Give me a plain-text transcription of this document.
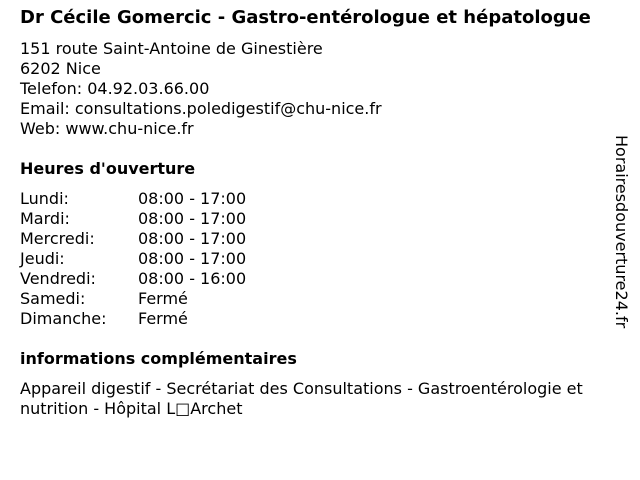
Dr Cécile Gomercic - Gastro-entérologue et hépatologue
151 route Saint-Antoine de Ginestière
6202 Nice
Telefon: 04.92.03.66.00
Email: consultations.poledigestif@chu-nice.fr
Web: www.chu-nice.fr
Heures d'ouverture
Lundi:	08:00 - 17:00
Mardi:	08:00 - 17:00
Mercredi:	08:00 - 17:00
Jeudi:	08:00 - 17:00
Vendredi:	08:00 - 16:00
Samedi:	Fermé
Dimanche:	Fermé
informations complémentaires
Appareil digestif - Secrétariat des Consultations - Gastroentérologie et nutrition - Hôpital L□Archet
Horairesdouverture24.fr
